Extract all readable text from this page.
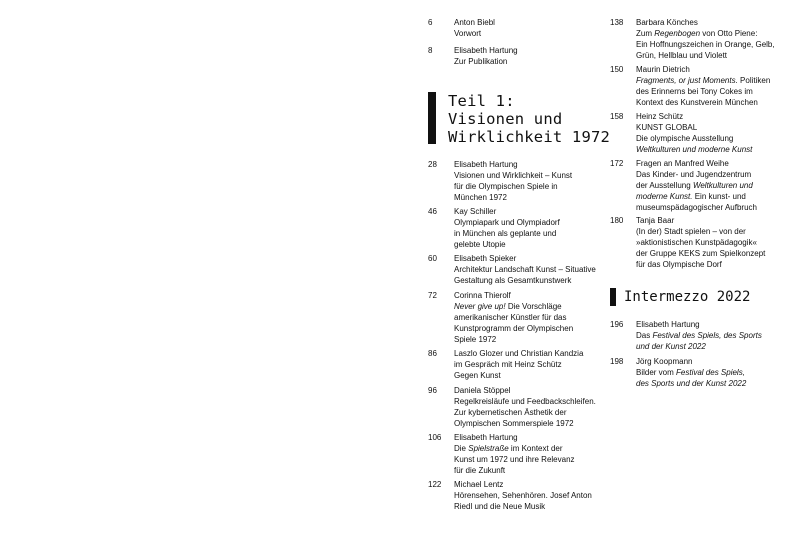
6	Anton Biebl
Vorwort
8	Elisabeth Hartung
Zur Publikation
Teil 1:
Visionen und
Wirklichkeit 1972
28	Elisabeth Hartung
Visionen und Wirklichkeit – Kunst
für die Olympischen Spiele in
München 1972
46	Kay Schiller
Olympiapark und Olympiadorf
in München als geplante und
gelebte Utopie
60	Elisabeth Spieker
Architektur Landschaft Kunst – Situative
Gestaltung als Gesamtkunstwerk
72	Corinna Thierolf
Never give up! Die Vorschläge
amerikanischer Künstler für das
Kunstprogramm der Olympischen
Spiele 1972
86	Laszlo Glozer und Christian Kandzia
im Gespräch mit Heinz Schütz
Gegen Kunst
96	Daniela Stöppel
Regelkreisläufe und Feedbackschleifen.
Zur kybernetischen Ästhetik der
Olympischen Sommerspiele 1972
106	Elisabeth Hartung
Die Spielstraße im Kontext der
Kunst um 1972 und ihre Relevanz
für die Zukunft
122	Michael Lentz
Hörensehen, Sehenhören. Josef Anton
Riedl und die Neue Musik
138	Barbara Könches
Zum Regenbogen von Otto Piene:
Ein Hoffnungszeichen in Orange, Gelb,
Grün, Hellblau und Violett
150	Maurin Dietrich
Fragments, or just Moments. Politiken
des Erinnerns bei Tony Cokes im
Kontext des Kunstverein München
158	Heinz Schütz
KUNST GLOBAL
Die olympische Ausstellung
Weltkulturen und moderne Kunst
172	Fragen an Manfred Weihe
Das Kinder- und Jugendzentrum
der Ausstellung Weltkulturen und
moderne Kunst. Ein kunst- und
museumspädagogischer Aufbruch
180	Tanja Baar
(In der) Stadt spielen – von der
»aktionistischen Kunstpädagogik«
der Gruppe KEKS zum Spielkonzept
für das Olympische Dorf
Intermezzo 2022
196	Elisabeth Hartung
Das Festival des Spiels, des Sports
und der Kunst 2022
198	Jörg Koopmann
Bilder vom Festival des Spiels,
des Sports und der Kunst 2022
